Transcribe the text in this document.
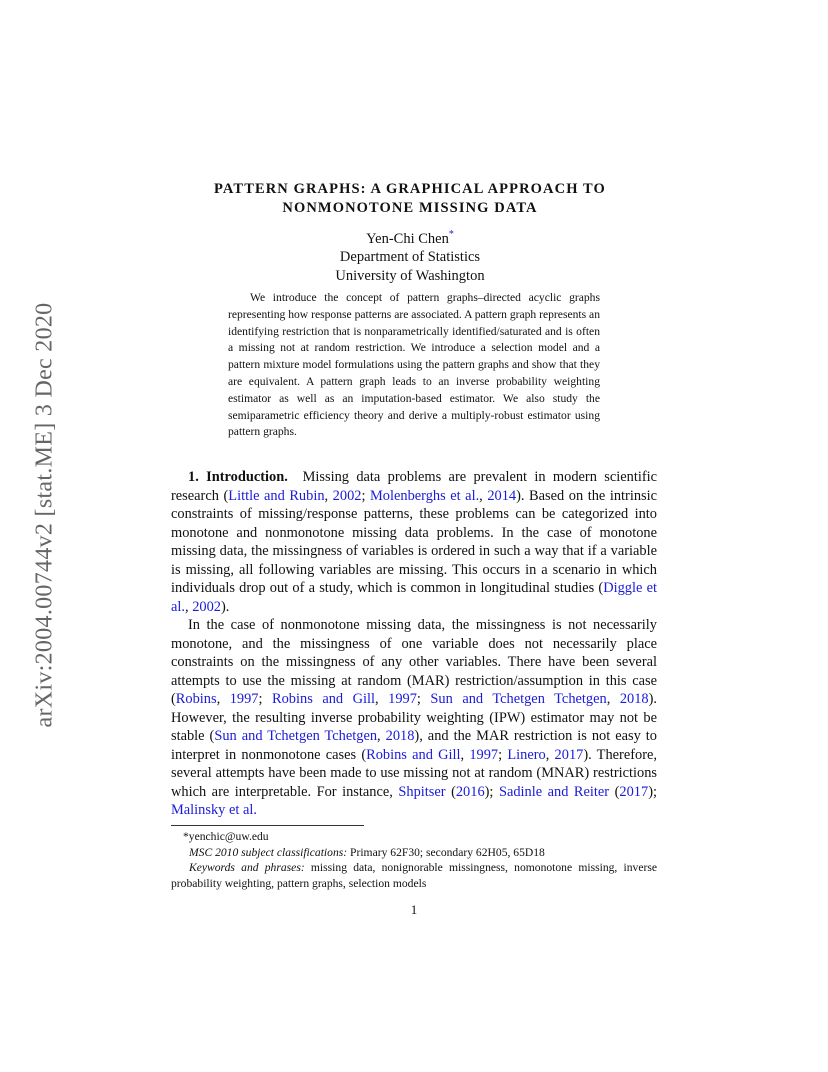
arXiv:2004.00744v2 [stat.ME] 3 Dec 2020
PATTERN GRAPHS: A GRAPHICAL APPROACH TO
NONMONOTONE MISSING DATA
Yen-Chi Chen*
Department of Statistics
University of Washington

We introduce the concept of pattern graphs–directed acyclic graphs representing how response patterns are associated. A pattern graph represents an identifying restriction that is nonparametrically identified/saturated and is often a missing not at random restriction. We introduce a selection model and a pattern mixture model formulations using the pattern graphs and show that they are equivalent. A pattern graph leads to an inverse probability weighting estimator as well as an imputation-based estimator. We also study the semiparametric efficiency theory and derive a multiply-robust estimator using pattern graphs.

1. Introduction. Missing data problems are prevalent in modern scientific research (Little and Rubin, 2002; Molenberghs et al., 2014). Based on the intrinsic constraints of missing/response patterns, these problems can be categorized into monotone and nonmonotone missing data problems. In the case of monotone missing data, the missingness of variables is ordered in such a way that if a variable is missing, all following variables are missing. This occurs in a scenario in which individuals drop out of a study, which is common in longitudinal studies (Diggle et al., 2002).

In the case of nonmonotone missing data, the missingness is not necessarily monotone, and the missingness of one variable does not necessarily place constraints on the missingness of any other variables. There have been several attempts to use the missing at random (MAR) restriction/assumption in this case (Robins, 1997; Robins and Gill, 1997; Sun and Tchetgen Tchetgen, 2018). However, the resulting inverse probability weighting (IPW) estimator may not be stable (Sun and Tchetgen Tchetgen, 2018), and the MAR restriction is not easy to interpret in nonmonotone cases (Robins and Gill, 1997; Linero, 2017). Therefore, several attempts have been made to use missing not at random (MNAR) restrictions which are interpretable. For instance, Shpitser (2016); Sadinle and Reiter (2017); Malinsky et al.

*yenchic@uw.edu

MSC 2010 subject classifications: Primary 62F30; secondary 62H05, 65D18

Keywords and phrases: missing data, nonignorable missingness, nomonotone missing, inverse probability weighting, pattern graphs, selection models

1
